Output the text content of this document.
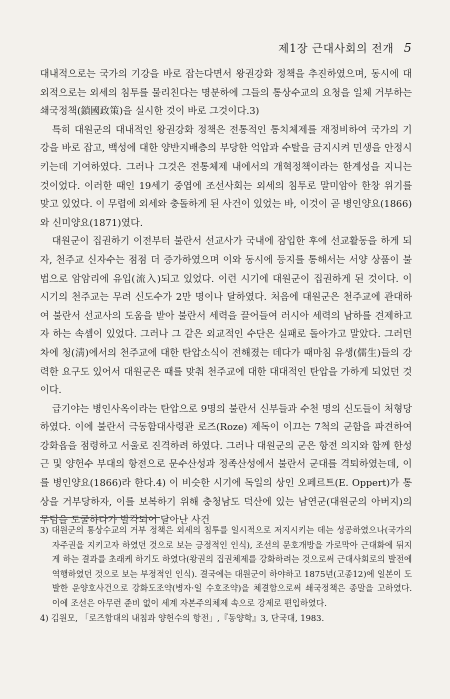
제1장 근대사회의 전개 5

대내적으로는 국가의 기강을 바로 잡는다면서 왕권강화 정책을 추진하였으며, 동시에 대외적으로는 외세의 침투를 물리친다는 명분하에 그들의 통상수교의 요청을 일체 거부하는 쇄국정책(鎖國政策)을 실시한 것이 바로 그것이다.3)

특히 대원군의 대내적인 왕권강화 정책은 전통적인 통치체제를 재정비하여 국가의 기강을 바로 잡고, 백성에 대한 양반지배층의 부당한 억압과 수탈을 금지시켜 민생을 안정시키는데 기여하였다. 그러나 그것은 전통체제 내에서의 개혁정책이라는 한계성을 지니는 것이었다. 이러한 때인 19세기 중엽에 조선사회는 외세의 침투로 말미암아 한창 위기를 맞고 있었다. 이 무렵에 외세와 충돌하게 된 사건이 있었는 바, 이것이 곧 병인양요(1866)와 신미양요(1871)였다.

대원군이 집권하기 이전부터 불란서 선교사가 국내에 잠입한 후에 선교활동을 하게 되자, 천주교 신자수는 점점 더 증가하였으며 이와 동시에 등지를 통해서는 서양 상품이 불법으로 암암리에 유입(流入)되고 있었다. 이런 시기에 대원군이 집권하게 된 것이다. 이 시기의 천주교는 무려 신도수가 2만 명이나 달하였다. 처음에 대원군은 천주교에 관대하여 불란서 선교사의 도움을 받아 불란서 세력을 끌어들여 러시아 세력의 남하를 견제하고자 하는 속셈이 있었다. 그러나 그 같은 외교적인 수단은 실패로 돌아가고 말았다. 그러던 차에 청(淸)에서의 천주교에 대한 탄압소식이 전해졌는 데다가 때마침 유생(儒生)들의 강력한 요구도 있어서 대원군은 때를 맞춰 천주교에 대한 대대적인 탄압을 가하게 되었던 것이다.

급기야는 병인사옥이라는 탄압으로 9명의 불란서 신부들과 수천 명의 신도들이 처형당하였다. 이에 불란서 극동함대사령관 로즈(Roze) 제독이 이끄는 7척의 군함을 파견하여 강화읍을 점령하고 서울로 진격하려 하였다. 그러나 대원군의 군은 항전 의지와 함께 한성근 및 양헌수 부대의 항전으로 문수산성과 정족산성에서 불란서 군대를 격퇴하였는데, 이를 병인양요(1866)라 한다.4) 이 비슷한 시기에 독일의 상인 오페르트(E. Oppert)가 통상을 거부당하자, 이를 보복하기 위해 충청남도 덕산에 있는 남연군(대원군의 아버지)의 무덤을 도굴하다가 발각되어 달아난 사건

3) 대원군의 통상수교의 거부 정책은 외세의 침투를 일시적으로 저지시키는 데는 성공하였으나(국가의 자주권을 지키고자 하였던 것으로 보는 긍정적인 인식), 조선의 문호개방을 가로막아 근대화에 뒤지게 하는 결과를 초래케 하기도 하였다(왕권의 집권체제를 강화하려는 것으로써 근대사회로의 발전에 역행하였던 것으로 보는 부정적인 인식). 결국에는 대원군이 하야하고 1875년(고종12)에 일본이 도발한 운양호사건으로 강화도조약(병자·일 수호조약)을 체결함으로써 쇄국정책은 종말을 고하였다. 이에 조선은 아무런 준비 없이 세계 자본주의체제 속으로 강제로 편입하였다.

4) 김원모, 「로즈함대의 내침과 양헌수의 항전」,『동양학』3, 단국대, 1983.
